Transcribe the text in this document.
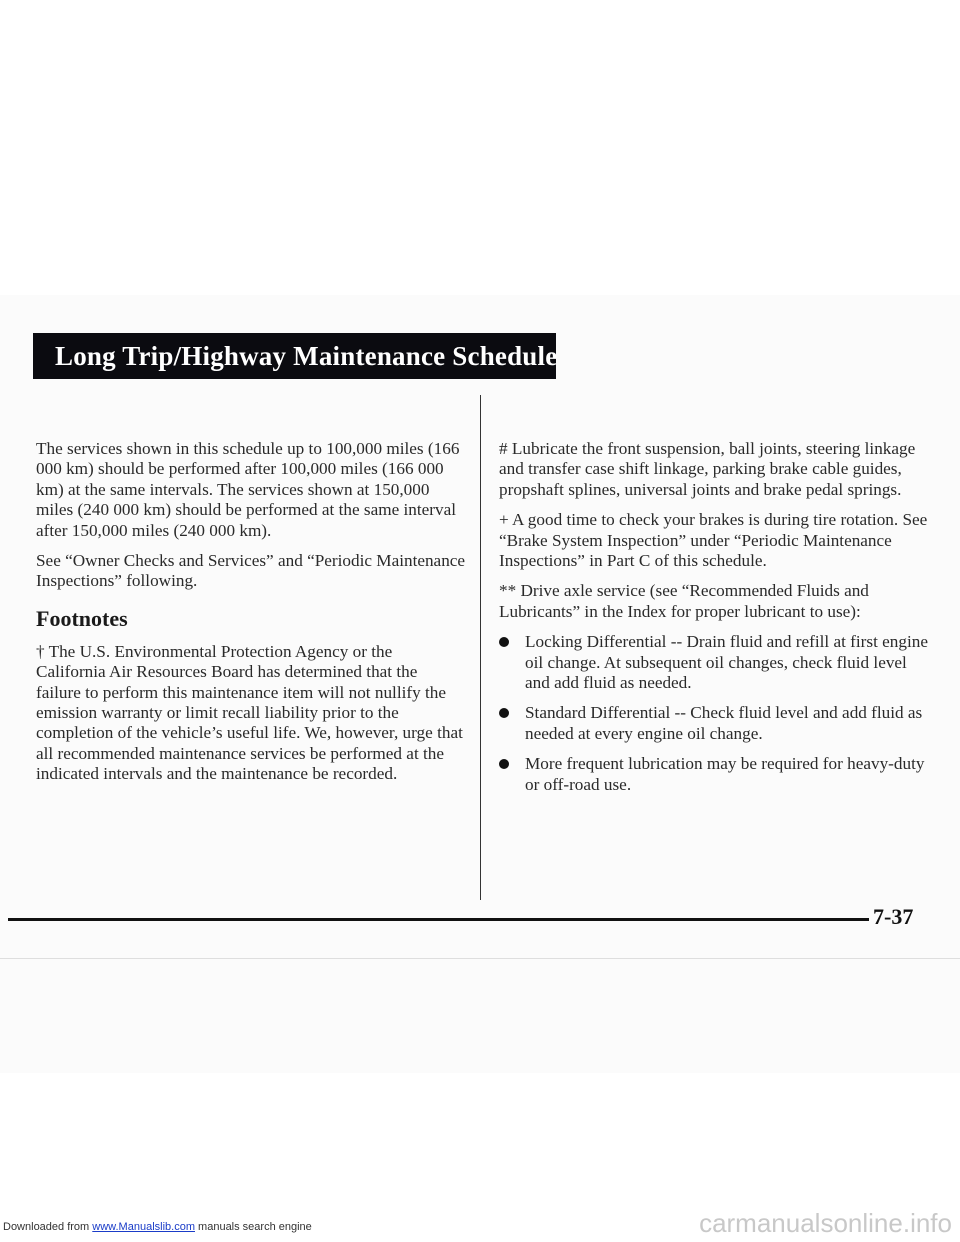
Long Trip/Highway Maintenance Schedule

The services shown in this schedule up to 100,000 miles (166 000 km) should be performed after 100,000 miles (166 000 km) at the same intervals. The services shown at 150,000 miles (240 000 km) should be performed at the same interval after 150,000 miles (240 000 km).

See “Owner Checks and Services” and “Periodic Maintenance Inspections” following.

Footnotes

† The U.S. Environmental Protection Agency or the California Air Resources Board has determined that the failure to perform this maintenance item will not nullify the emission warranty or limit recall liability prior to the completion of the vehicle’s useful life. We, however, urge that all recommended maintenance services be performed at the indicated intervals and the maintenance be recorded.

# Lubricate the front suspension, ball joints, steering linkage and transfer case shift linkage, parking brake cable guides, propshaft splines, universal joints and brake pedal springs.

+ A good time to check your brakes is during tire rotation. See “Brake System Inspection” under “Periodic Maintenance Inspections” in Part C of this schedule.

** Drive axle service (see “Recommended Fluids and Lubricants” in the Index for proper lubricant to use):

Locking Differential -- Drain fluid and refill at first engine oil change. At subsequent oil changes, check fluid level and add fluid as needed.
Standard Differential -- Check fluid level and add fluid as needed at every engine oil change.
More frequent lubrication may be required for heavy-duty or off-road use.
7-37
Downloaded from www.Manualslib.com manuals search engine	carmanualsonline.info
